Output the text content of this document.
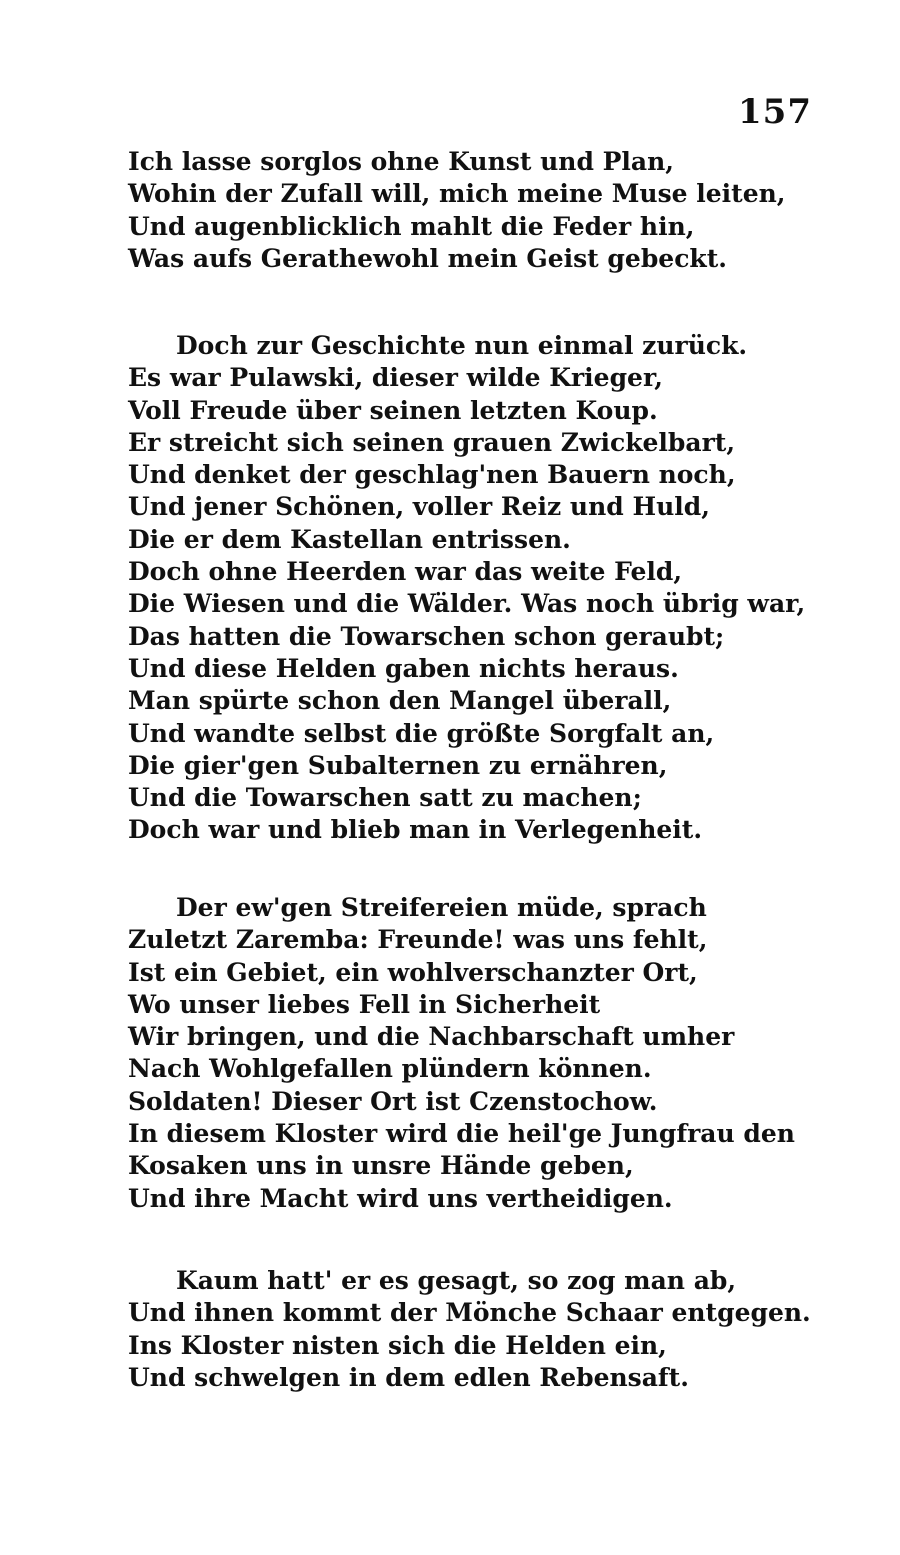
157
Ich lasse sorglos ohne Kunst und Plan,
Wohin der Zufall will, mich meine Muse leiten,
Und augenblicklich mahlt die Feder hin,
Was aufs Gerathewohl mein Geist gebeckt.
Doch zur Geschichte nun einmal zurück.
Es war Pulawski, dieser wilde Krieger,
Voll Freude über seinen letzten Koup.
Er streicht sich seinen grauen Zwickelbart,
Und denket der geschlag'nen Bauern noch,
Und jener Schönen, voller Reiz und Huld,
Die er dem Kastellan entrissen.
Doch ohne Heerden war das weite Feld,
Die Wiesen und die Wälder. Was noch übrig war,
Das hatten die Towarschen schon geraubt;
Und diese Helden gaben nichts heraus.
Man spürte schon den Mangel überall,
Und wandte selbst die größte Sorgfalt an,
Die gier'gen Subalternen zu ernähren,
Und die Towarschen satt zu machen;
Doch war und blieb man in Verlegenheit.
Der ew'gen Streifereien müde, sprach
Zuletzt Zaremba: Freunde! was uns fehlt,
Ist ein Gebiet, ein wohlverschanzter Ort,
Wo unser liebes Fell in Sicherheit
Wir bringen, und die Nachbarschaft umher
Nach Wohlgefallen plündern können.
Soldaten! Dieser Ort ist Czenstochow.
In diesem Kloster wird die heil'ge Jungfrau den
Kosaken uns in unsre Hände geben,
Und ihre Macht wird uns vertheidigen.
Kaum hatt' er es gesagt, so zog man ab,
Und ihnen kommt der Mönche Schaar entgegen.
Ins Kloster nisten sich die Helden ein,
Und schwelgen in dem edlen Rebensaft.
